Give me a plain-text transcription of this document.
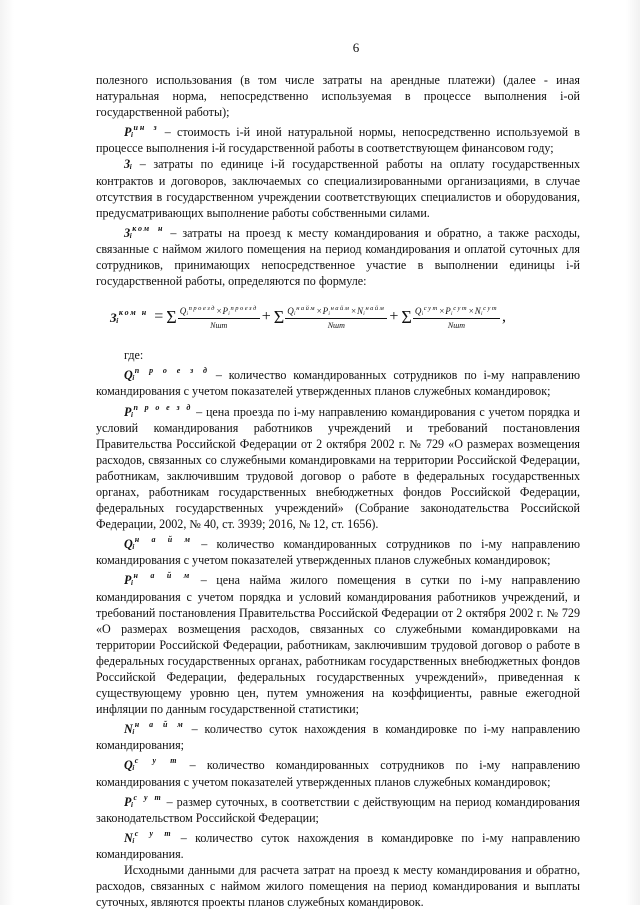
6

полезного использования (в том числе затраты на арендные платежи) (далее - иная натуральная норма, непосредственно используемая в процессе выполнения i-ой государственной работы);

Pᵢ$^{ин з}$ – стоимость i-й иной натуральной нормы, непосредственно используемой в процессе выполнения i-й государственной работы в соответствующем финансовом году;

Зᵢ – затраты по единице i-й государственной работы на оплату государственных контрактов и договоров, заключаемых со специализированными организациями, в случае отсутствия в государственном учреждении соответствующих специалистов и оборудования, предусматривающих выполнение работы собственными силами.

Зᵢ$^{ком н}$ – затраты на проезд к месту командирования и обратно, а также расходы, связанные с наймом жилого помещения на период командирования и оплатой суточных для сотрудников, принимающих непосредственное участие в выполнении единицы i-й государственной работы, определяются по формуле:

Зᵢ$^{ком н}$ = Σ $\frac{Qᵢ^{проезд}\times Pᵢ^{проезд}}{\text{Nшт}} + \Sigma \frac{Qᵢ^{найм}\times Pᵢ^{найм}\times Nᵢ^{найм}}{\text{Nшт}} + \Sigma \frac{Qᵢ^{сут}\times Pᵢ^{сут}\times Nᵢ^{сут}}{\text{Nшт}}$ ,
где:

Qᵢ$^{п р о е з д}$ – количество командированных сотрудников по i-му направлению командирования с учетом показателей утвержденных планов служебных командировок;

Pᵢ$^{п р о е з д}$ – цена проезда по i-му направлению командирования с учетом порядка и условий командирования работников учреждений и требований постановления Правительства Российской Федерации от 2 октября 2002 г. № 729 «О размерах возмещения расходов, связанных со служебными командировками на территории Российской Федерации, работникам, заключившим трудовой договор о работе в федеральных государственных органах, работникам государственных внебюджетных фондов Российской Федерации, федеральных государственных учреждений» (Собрание законодательства Российской Федерации, 2002, № 40, ст. 3939; 2016, № 12, ст. 1656).

Qᵢ$^{н а й м}$ – количество командированных сотрудников по i-му направлению командирования с учетом показателей утвержденных планов служебных командировок;

Pᵢ$^{н а й м}$ – цена найма жилого помещения в сутки по i-му направлению командирования с учетом порядка и условий командирования работников учреждений, и требований постановления Правительства Российской Федерации от 2 октября 2002 г. № 729 «О размерах возмещения расходов, связанных со служебными командировками на территории Российской Федерации, работникам, заключившим трудовой договор о работе в федеральных государственных органах, работникам государственных внебюджетных фондов Российской Федерации, федеральных государственных учреждений», приведенная к существующему уровню цен, путем умножения на коэффициенты, равные ежегодной инфляции по данным государственной статистики;

Nᵢ$^{н а й м}$ – количество суток нахождения в командировке по i-му направлению командирования;

Qᵢ$^{с у т}$ – количество командированных сотрудников по i-му направлению командирования с учетом показателей утвержденных планов служебных командировок;

Pᵢ$^{с у т}$ – размер суточных, в соответствии с действующим на период командирования законодательством Российской Федерации;

Nᵢ$^{с у т}$ – количество суток нахождения в командировке по i-му направлению командирования.

Исходными данными для расчета затрат на проезд к месту командирования и обратно, расходов, связанных с наймом жилого помещения на период командирования и выплаты суточных, являются проекты планов служебных командировок.
